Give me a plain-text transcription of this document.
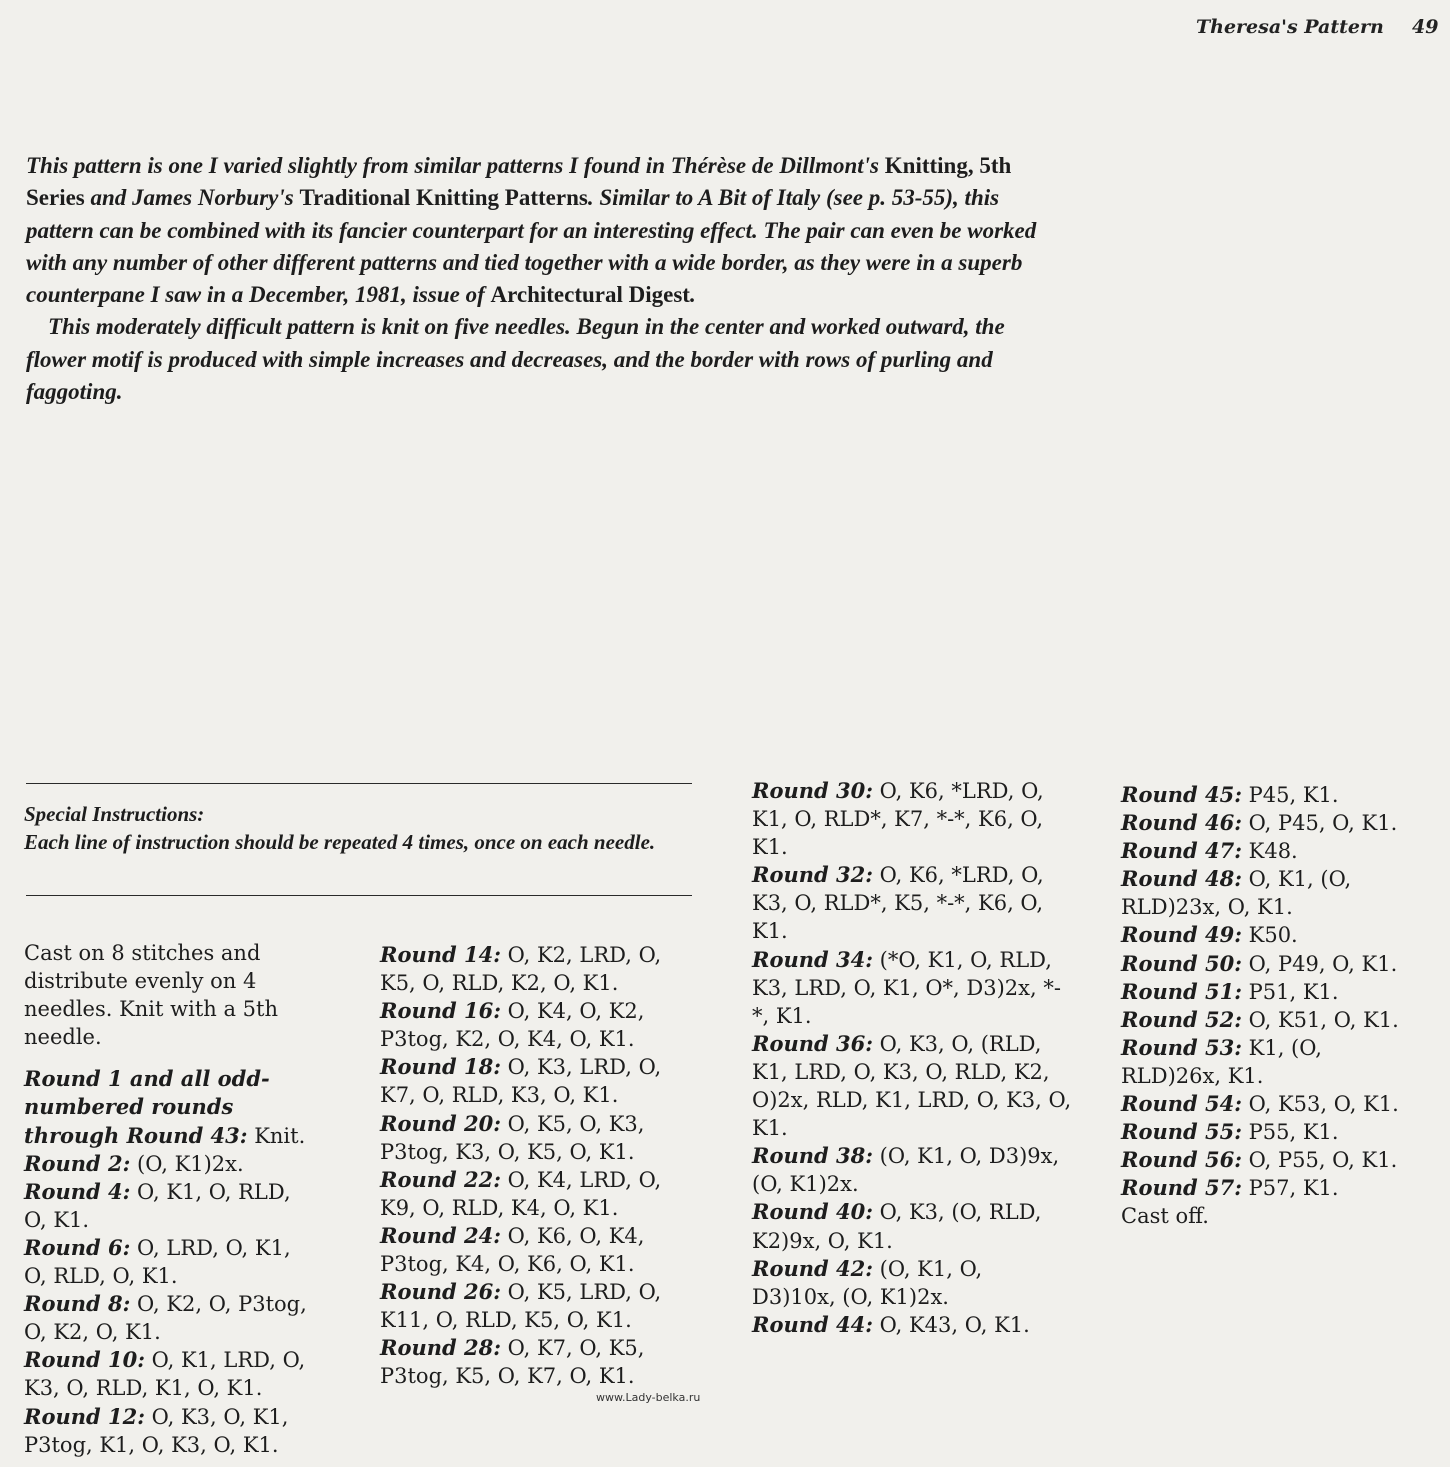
Theresa's Pattern 49

This pattern is one I varied slightly from similar patterns I found in Thérèse de Dillmont's Knitting, 5th Series and James Norbury's Traditional Knitting Patterns. Similar to A Bit of Italy (see p. 53-55), this pattern can be combined with its fancier counterpart for an interesting effect. The pair can even be worked with any number of other different patterns and tied together with a wide border, as they were in a superb counterpane I saw in a December, 1981, issue of Architectural Digest.

This moderately difficult pattern is knit on five needles. Begun in the center and worked outward, the flower motif is produced with simple increases and decreases, and the border with rows of purling and faggoting.

Special Instructions:
Each line of instruction should be repeated 4 times, once on each needle.

Cast on 8 stitches and distribute evenly on 4 needles. Knit with a 5th needle.

Round 1 and all odd-numbered rounds through Round 43: Knit.

Round 2: (O, K1)2x.

Round 4: O, K1, O, RLD, O, K1.

Round 6: O, LRD, O, K1, O, RLD, O, K1.

Round 8: O, K2, O, P3tog, O, K2, O, K1.

Round 10: O, K1, LRD, O, K3, O, RLD, K1, O, K1.

Round 12: O, K3, O, K1, P3tog, K1, O, K3, O, K1.

Round 14: O, K2, LRD, O, K5, O, RLD, K2, O, K1.

Round 16: O, K4, O, K2, P3tog, K2, O, K4, O, K1.

Round 18: O, K3, LRD, O, K7, O, RLD, K3, O, K1.

Round 20: O, K5, O, K3, P3tog, K3, O, K5, O, K1.

Round 22: O, K4, LRD, O, K9, O, RLD, K4, O, K1.

Round 24: O, K6, O, K4, P3tog, K4, O, K6, O, K1.

Round 26: O, K5, LRD, O, K11, O, RLD, K5, O, K1.

Round 28: O, K7, O, K5, P3tog, K5, O, K7, O, K1.

Round 30: O, K6, *LRD, O, K1, O, RLD*, K7, *-*, K6, O, K1.

Round 32: O, K6, *LRD, O, K3, O, RLD*, K5, *-*, K6, O, K1.

Round 34: (*O, K1, O, RLD, K3, LRD, O, K1, O*, D3)2x, *-*, K1.

Round 36: O, K3, O, (RLD, K1, LRD, O, K3, O, RLD, K2, O)2x, RLD, K1, LRD, O, K3, O, K1.

Round 38: (O, K1, O, D3)9x, (O, K1)2x.

Round 40: O, K3, (O, RLD, K2)9x, O, K1.

Round 42: (O, K1, O, D3)10x, (O, K1)2x.

Round 44: O, K43, O, K1.

Round 45: P45, K1.

Round 46: O, P45, O, K1.

Round 47: K48.

Round 48: O, K1, (O, RLD)23x, O, K1.

Round 49: K50.

Round 50: O, P49, O, K1.

Round 51: P51, K1.

Round 52: O, K51, O, K1.

Round 53: K1, (O, RLD)26x, K1.

Round 54: O, K53, O, K1.

Round 55: P55, K1.

Round 56: O, P55, O, K1.

Round 57: P57, K1.

Cast off.

www.Lady-belka.ru
